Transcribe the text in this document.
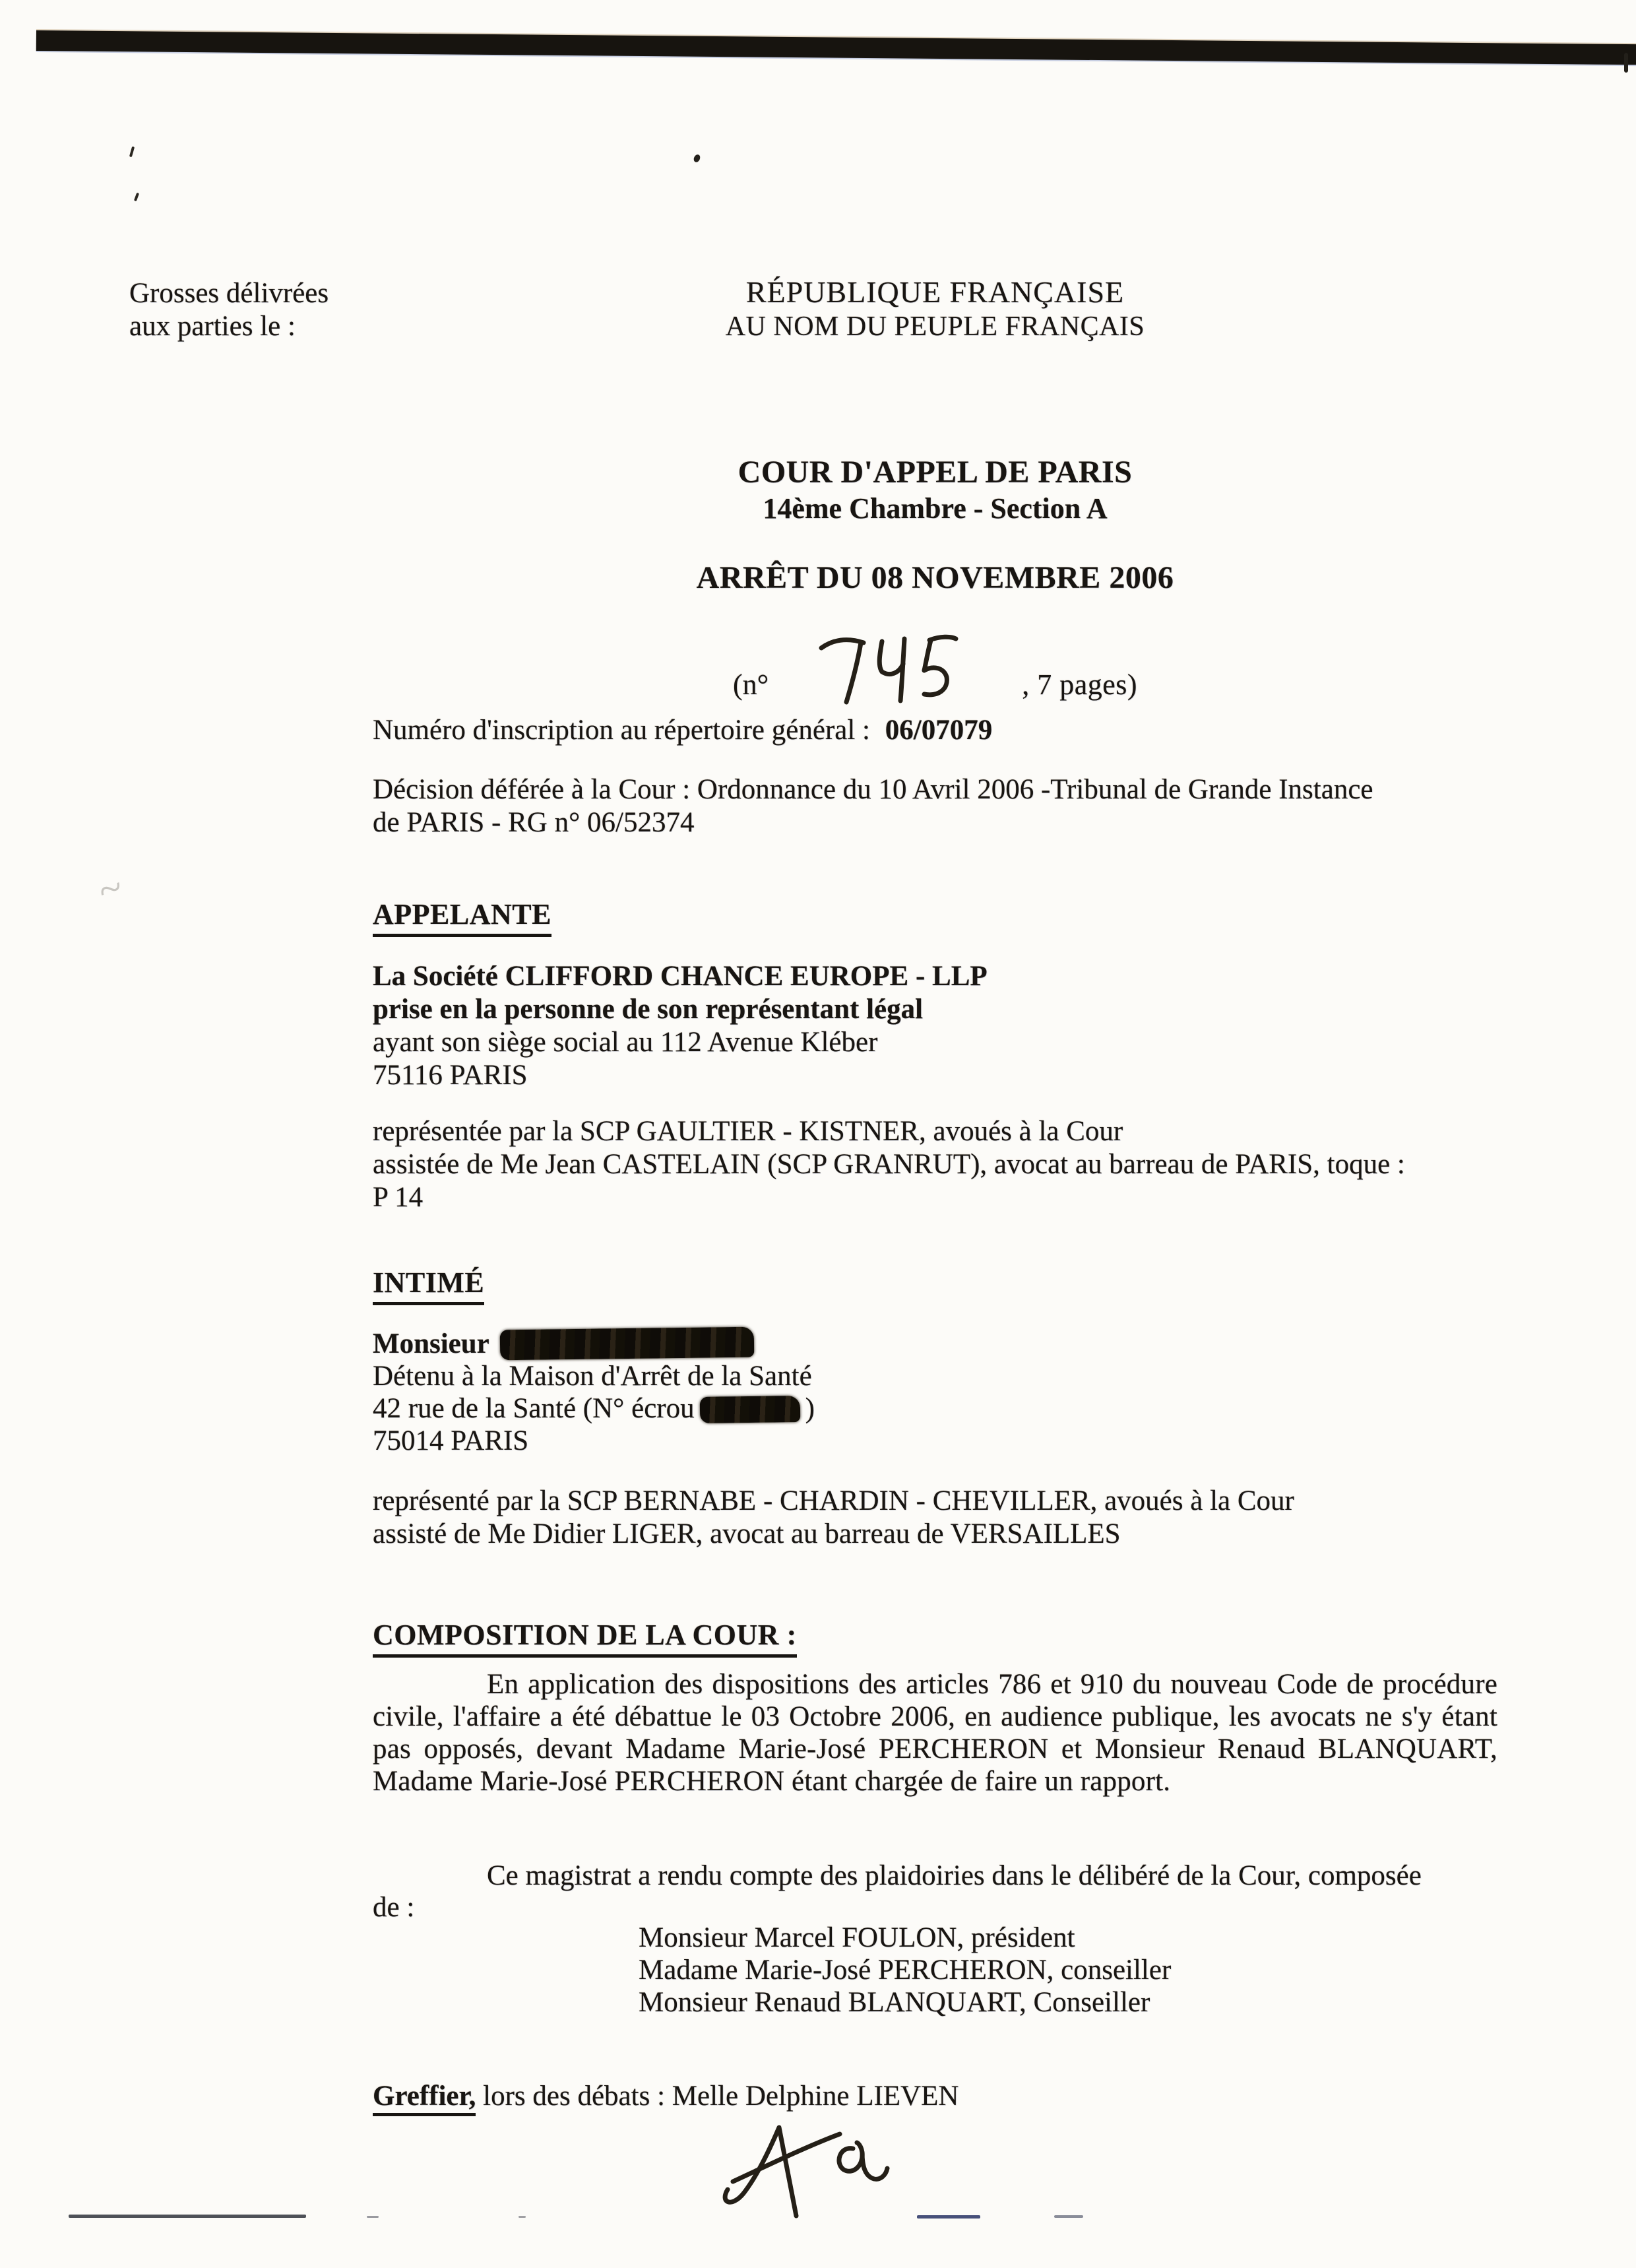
~
Grosses délivrées
aux parties le :
RÉPUBLIQUE FRANÇAISE
AU NOM DU PEUPLE FRANÇAIS
COUR D'APPEL DE PARIS
14ème Chambre - Section A
ARRÊT DU 08 NOVEMBRE 2006
(n°	, 7 pages)
Numéro d'inscription au répertoire général : 06/07079
Décision déférée à la Cour : Ordonnance du 10 Avril 2006 -Tribunal de Grande Instance
de PARIS - RG n° 06/52374
APPELANTE
La Société CLIFFORD CHANCE EUROPE - LLP
prise en la personne de son représentant légal
ayant son siège social au 112 Avenue Kléber
75116 PARIS
représentée par la SCP GAULTIER - KISTNER, avoués à la Cour
assistée de Me Jean CASTELAIN (SCP GRANRUT), avocat au barreau de PARIS, toque :
P 14
INTIMÉ
Monsieur
Détenu à la Maison d'Arrêt de la Santé
42 rue de la Santé (N° écrou	)
75014 PARIS
représenté par la SCP BERNABE - CHARDIN - CHEVILLER, avoués à la Cour
assisté de Me Didier LIGER, avocat au barreau de VERSAILLES
COMPOSITION DE LA COUR :
En application des dispositions des articles 786 et 910 du nouveau Code de procédure civile, l'affaire a été débattue le 03 Octobre 2006, en audience publique, les avocats ne s'y étant pas opposés, devant Madame Marie-José PERCHERON et Monsieur Renaud BLANQUART, Madame Marie-José PERCHERON étant chargée de faire un rapport.
Ce magistrat a rendu compte des plaidoiries dans le délibéré de la Cour, composée
de :
Monsieur Marcel FOULON, président
Madame Marie-José PERCHERON, conseiller
Monsieur Renaud BLANQUART, Conseiller
Greffier, lors des débats : Melle Delphine LIEVEN
